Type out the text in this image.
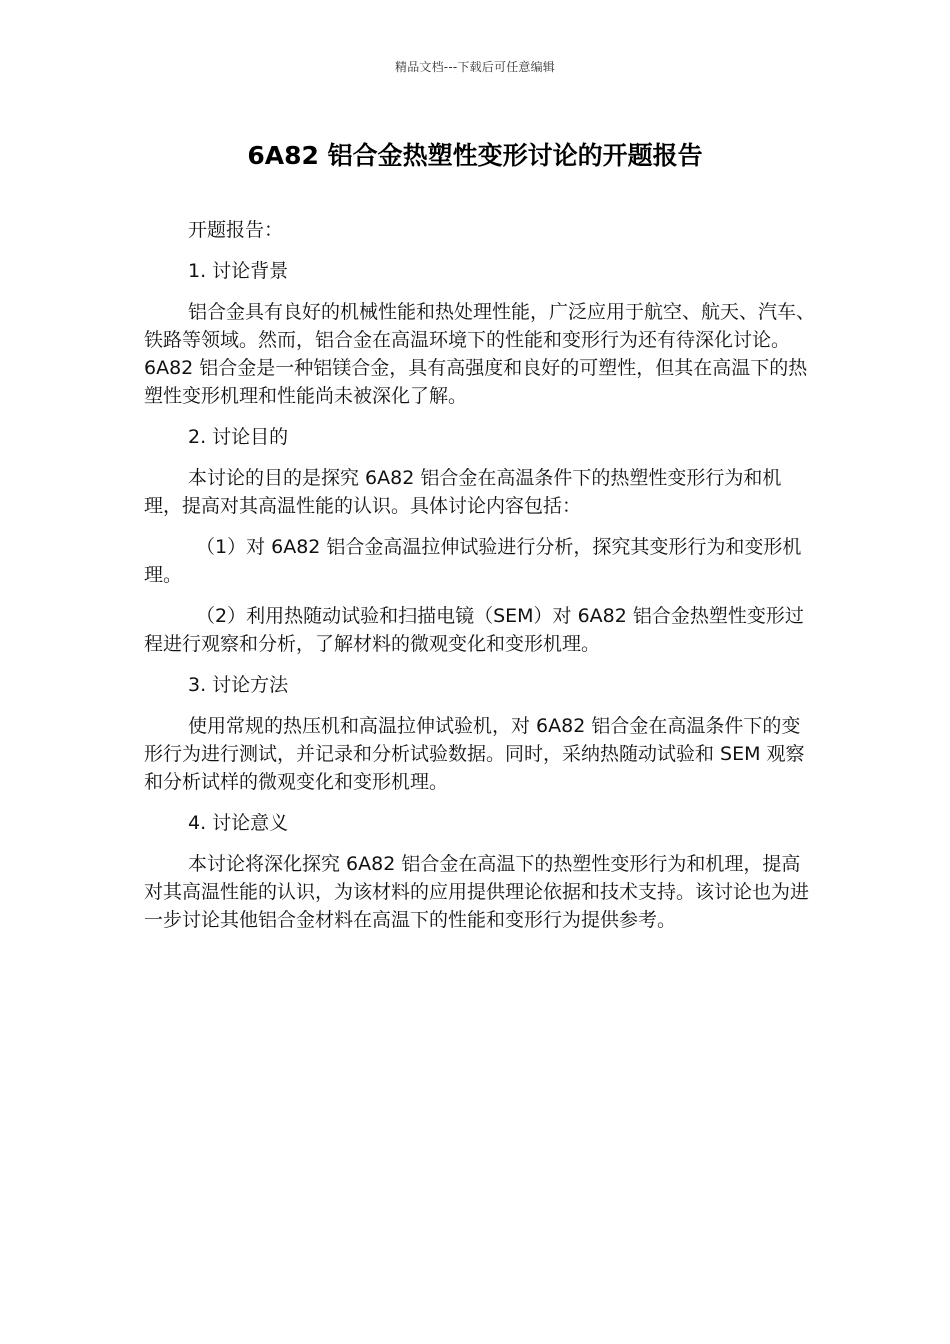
精品文档---下载后可任意编辑
6A82 铝合金热塑性变形讨论的开题报告

开题报告：

1. 讨论背景

铝合金具有良好的机械性能和热处理性能，广泛应用于航空、航天、汽车、铁路等领域。然而，铝合金在高温环境下的性能和变形行为还有待深化讨论。6A82 铝合金是一种铝镁合金，具有高强度和良好的可塑性，但其在高温下的热塑性变形机理和性能尚未被深化了解。

2. 讨论目的

本讨论的目的是探究 6A82 铝合金在高温条件下的热塑性变形行为和机理，提高对其高温性能的认识。具体讨论内容包括：

（1）对 6A82 铝合金高温拉伸试验进行分析，探究其变形行为和变形机理。

（2）利用热随动试验和扫描电镜（SEM）对 6A82 铝合金热塑性变形过程进行观察和分析，了解材料的微观变化和变形机理。

3. 讨论方法

使用常规的热压机和高温拉伸试验机，对 6A82 铝合金在高温条件下的变形行为进行测试，并记录和分析试验数据。同时，采纳热随动试验和 SEM 观察和分析试样的微观变化和变形机理。

4. 讨论意义

本讨论将深化探究 6A82 铝合金在高温下的热塑性变形行为和机理，提高对其高温性能的认识，为该材料的应用提供理论依据和技术支持。该讨论也为进一步讨论其他铝合金材料在高温下的性能和变形行为提供参考。
